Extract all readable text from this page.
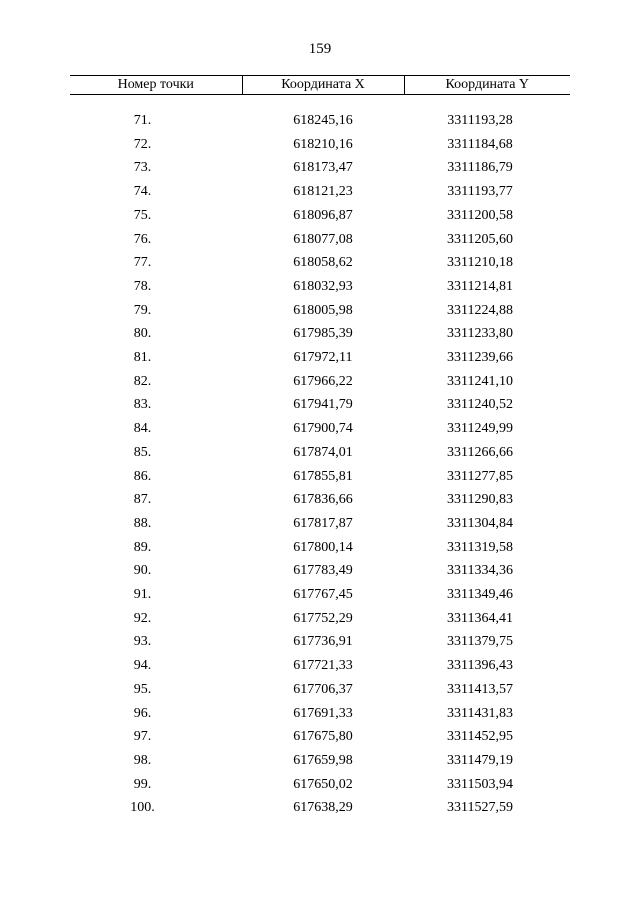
159
Номер точки	Координата X	Координата Y

71.	618245,16	3311193,28
72.	618210,16	3311184,68
73.	618173,47	3311186,79
74.	618121,23	3311193,77
75.	618096,87	3311200,58
76.	618077,08	3311205,60
77.	618058,62	3311210,18
78.	618032,93	3311214,81
79.	618005,98	3311224,88
80.	617985,39	3311233,80
81.	617972,11	3311239,66
82.	617966,22	3311241,10
83.	617941,79	3311240,52
84.	617900,74	3311249,99
85.	617874,01	3311266,66
86.	617855,81	3311277,85
87.	617836,66	3311290,83
88.	617817,87	3311304,84
89.	617800,14	3311319,58
90.	617783,49	3311334,36
91.	617767,45	3311349,46
92.	617752,29	3311364,41
93.	617736,91	3311379,75
94.	617721,33	3311396,43
95.	617706,37	3311413,57
96.	617691,33	3311431,83
97.	617675,80	3311452,95
98.	617659,98	3311479,19
99.	617650,02	3311503,94
100.	617638,29	3311527,59
